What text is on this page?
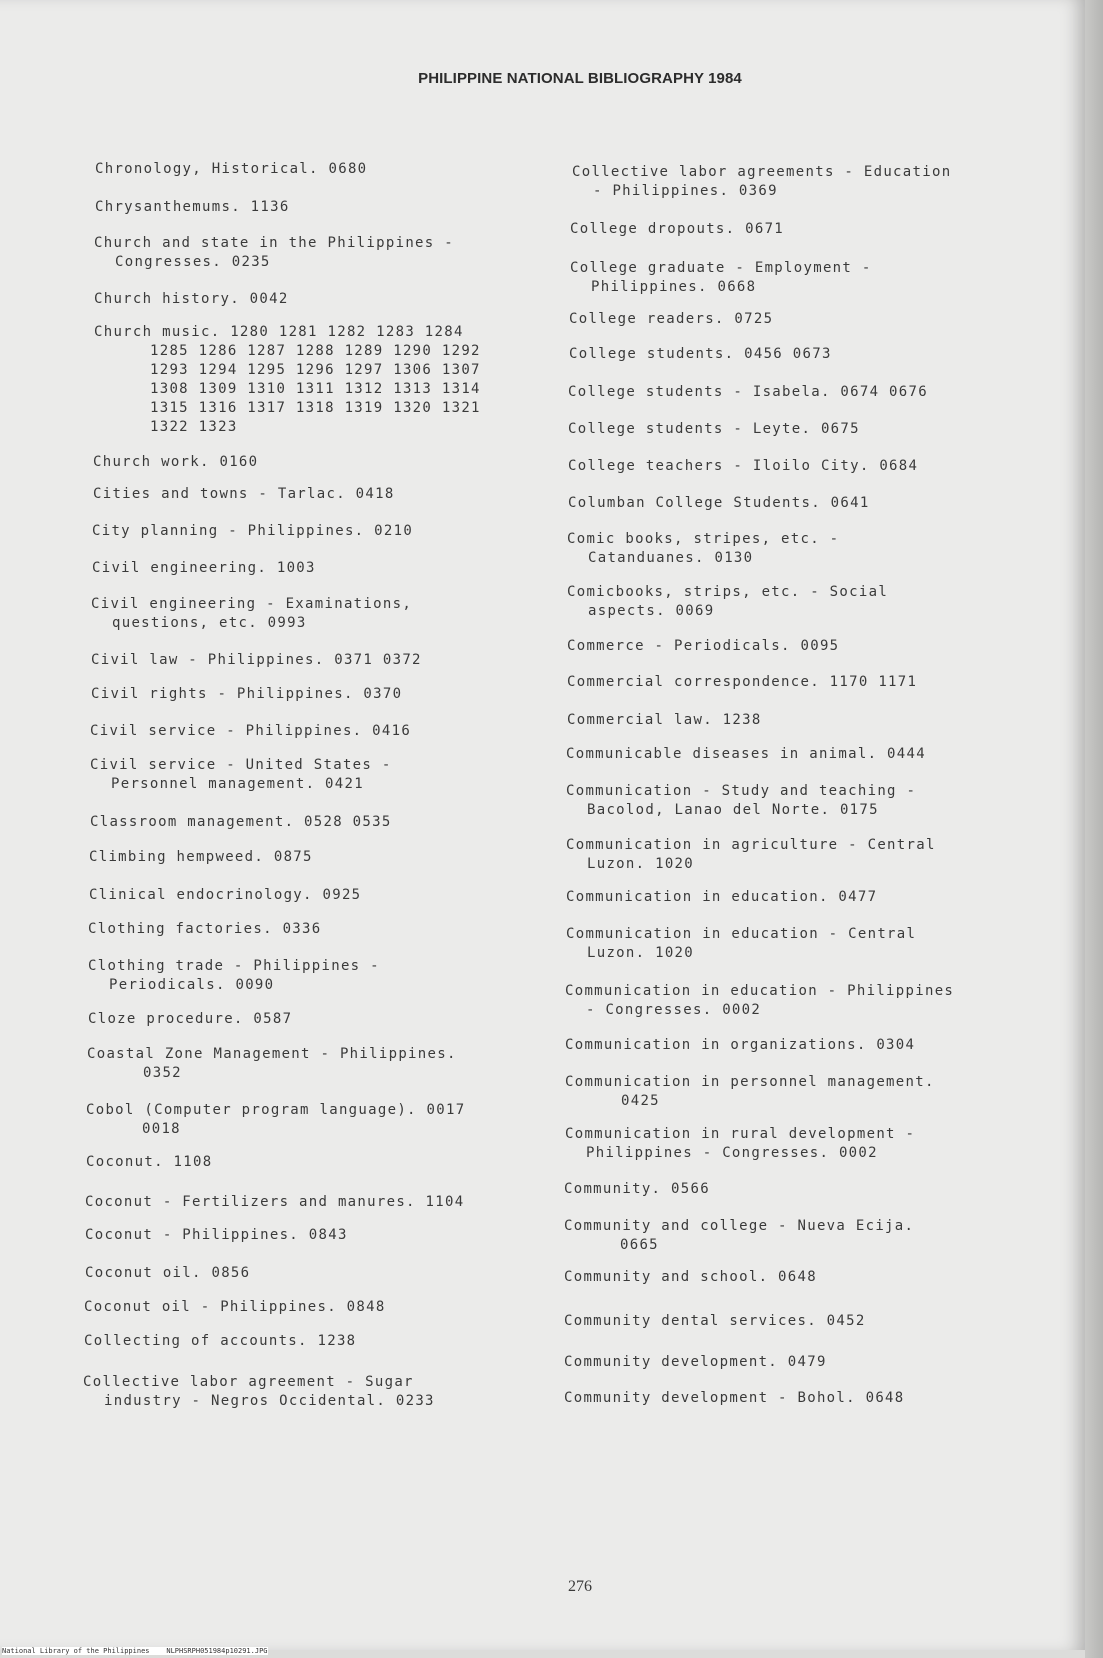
PHILIPPINE NATIONAL BIBLIOGRAPHY 1984
Chronology, Historical. 0680
Chrysanthemums. 1136
Church and state in the Philippines -
Congresses. 0235
Church history. 0042
Church music. 1280 1281 1282 1283 1284
1285 1286 1287 1288 1289 1290 1292
1293 1294 1295 1296 1297 1306 1307
1308 1309 1310 1311 1312 1313 1314
1315 1316 1317 1318 1319 1320 1321
1322 1323
Church work. 0160
Cities and towns - Tarlac. 0418
City planning - Philippines. 0210
Civil engineering. 1003
Civil engineering - Examinations,
questions, etc. 0993
Civil law - Philippines. 0371 0372
Civil rights - Philippines. 0370
Civil service - Philippines. 0416
Civil service - United States -
Personnel management. 0421
Classroom management. 0528 0535
Climbing hempweed. 0875
Clinical endocrinology. 0925
Clothing factories. 0336
Clothing trade - Philippines -
Periodicals. 0090
Cloze procedure. 0587
Coastal Zone Management - Philippines.
0352
Cobol (Computer program language). 0017
0018
Coconut. 1108
Coconut - Fertilizers and manures. 1104
Coconut - Philippines. 0843
Coconut oil. 0856
Coconut oil - Philippines. 0848
Collecting of accounts. 1238
Collective labor agreement - Sugar
industry - Negros Occidental. 0233
Collective labor agreements - Education
- Philippines. 0369
College dropouts. 0671
College graduate - Employment -
Philippines. 0668
College readers. 0725
College students. 0456 0673
College students - Isabela. 0674 0676
College students - Leyte. 0675
College teachers - Iloilo City. 0684
Columban College Students. 0641
Comic books, stripes, etc. -
Catanduanes. 0130
Comicbooks, strips, etc. - Social
aspects. 0069
Commerce - Periodicals. 0095
Commercial correspondence. 1170 1171
Commercial law. 1238
Communicable diseases in animal. 0444
Communication - Study and teaching -
Bacolod, Lanao del Norte. 0175
Communication in agriculture - Central
Luzon. 1020
Communication in education. 0477
Communication in education - Central
Luzon. 1020
Communication in education - Philippines
- Congresses. 0002
Communication in organizations. 0304
Communication in personnel management.
0425
Communication in rural development -
Philippines - Congresses. 0002
Community. 0566
Community and college - Nueva Ecija.
0665
Community and school. 0648
Community dental services. 0452
Community development. 0479
Community development - Bohol. 0648
276
National Library of the Philippines    NLPHSRPH051984p10291.JPG
